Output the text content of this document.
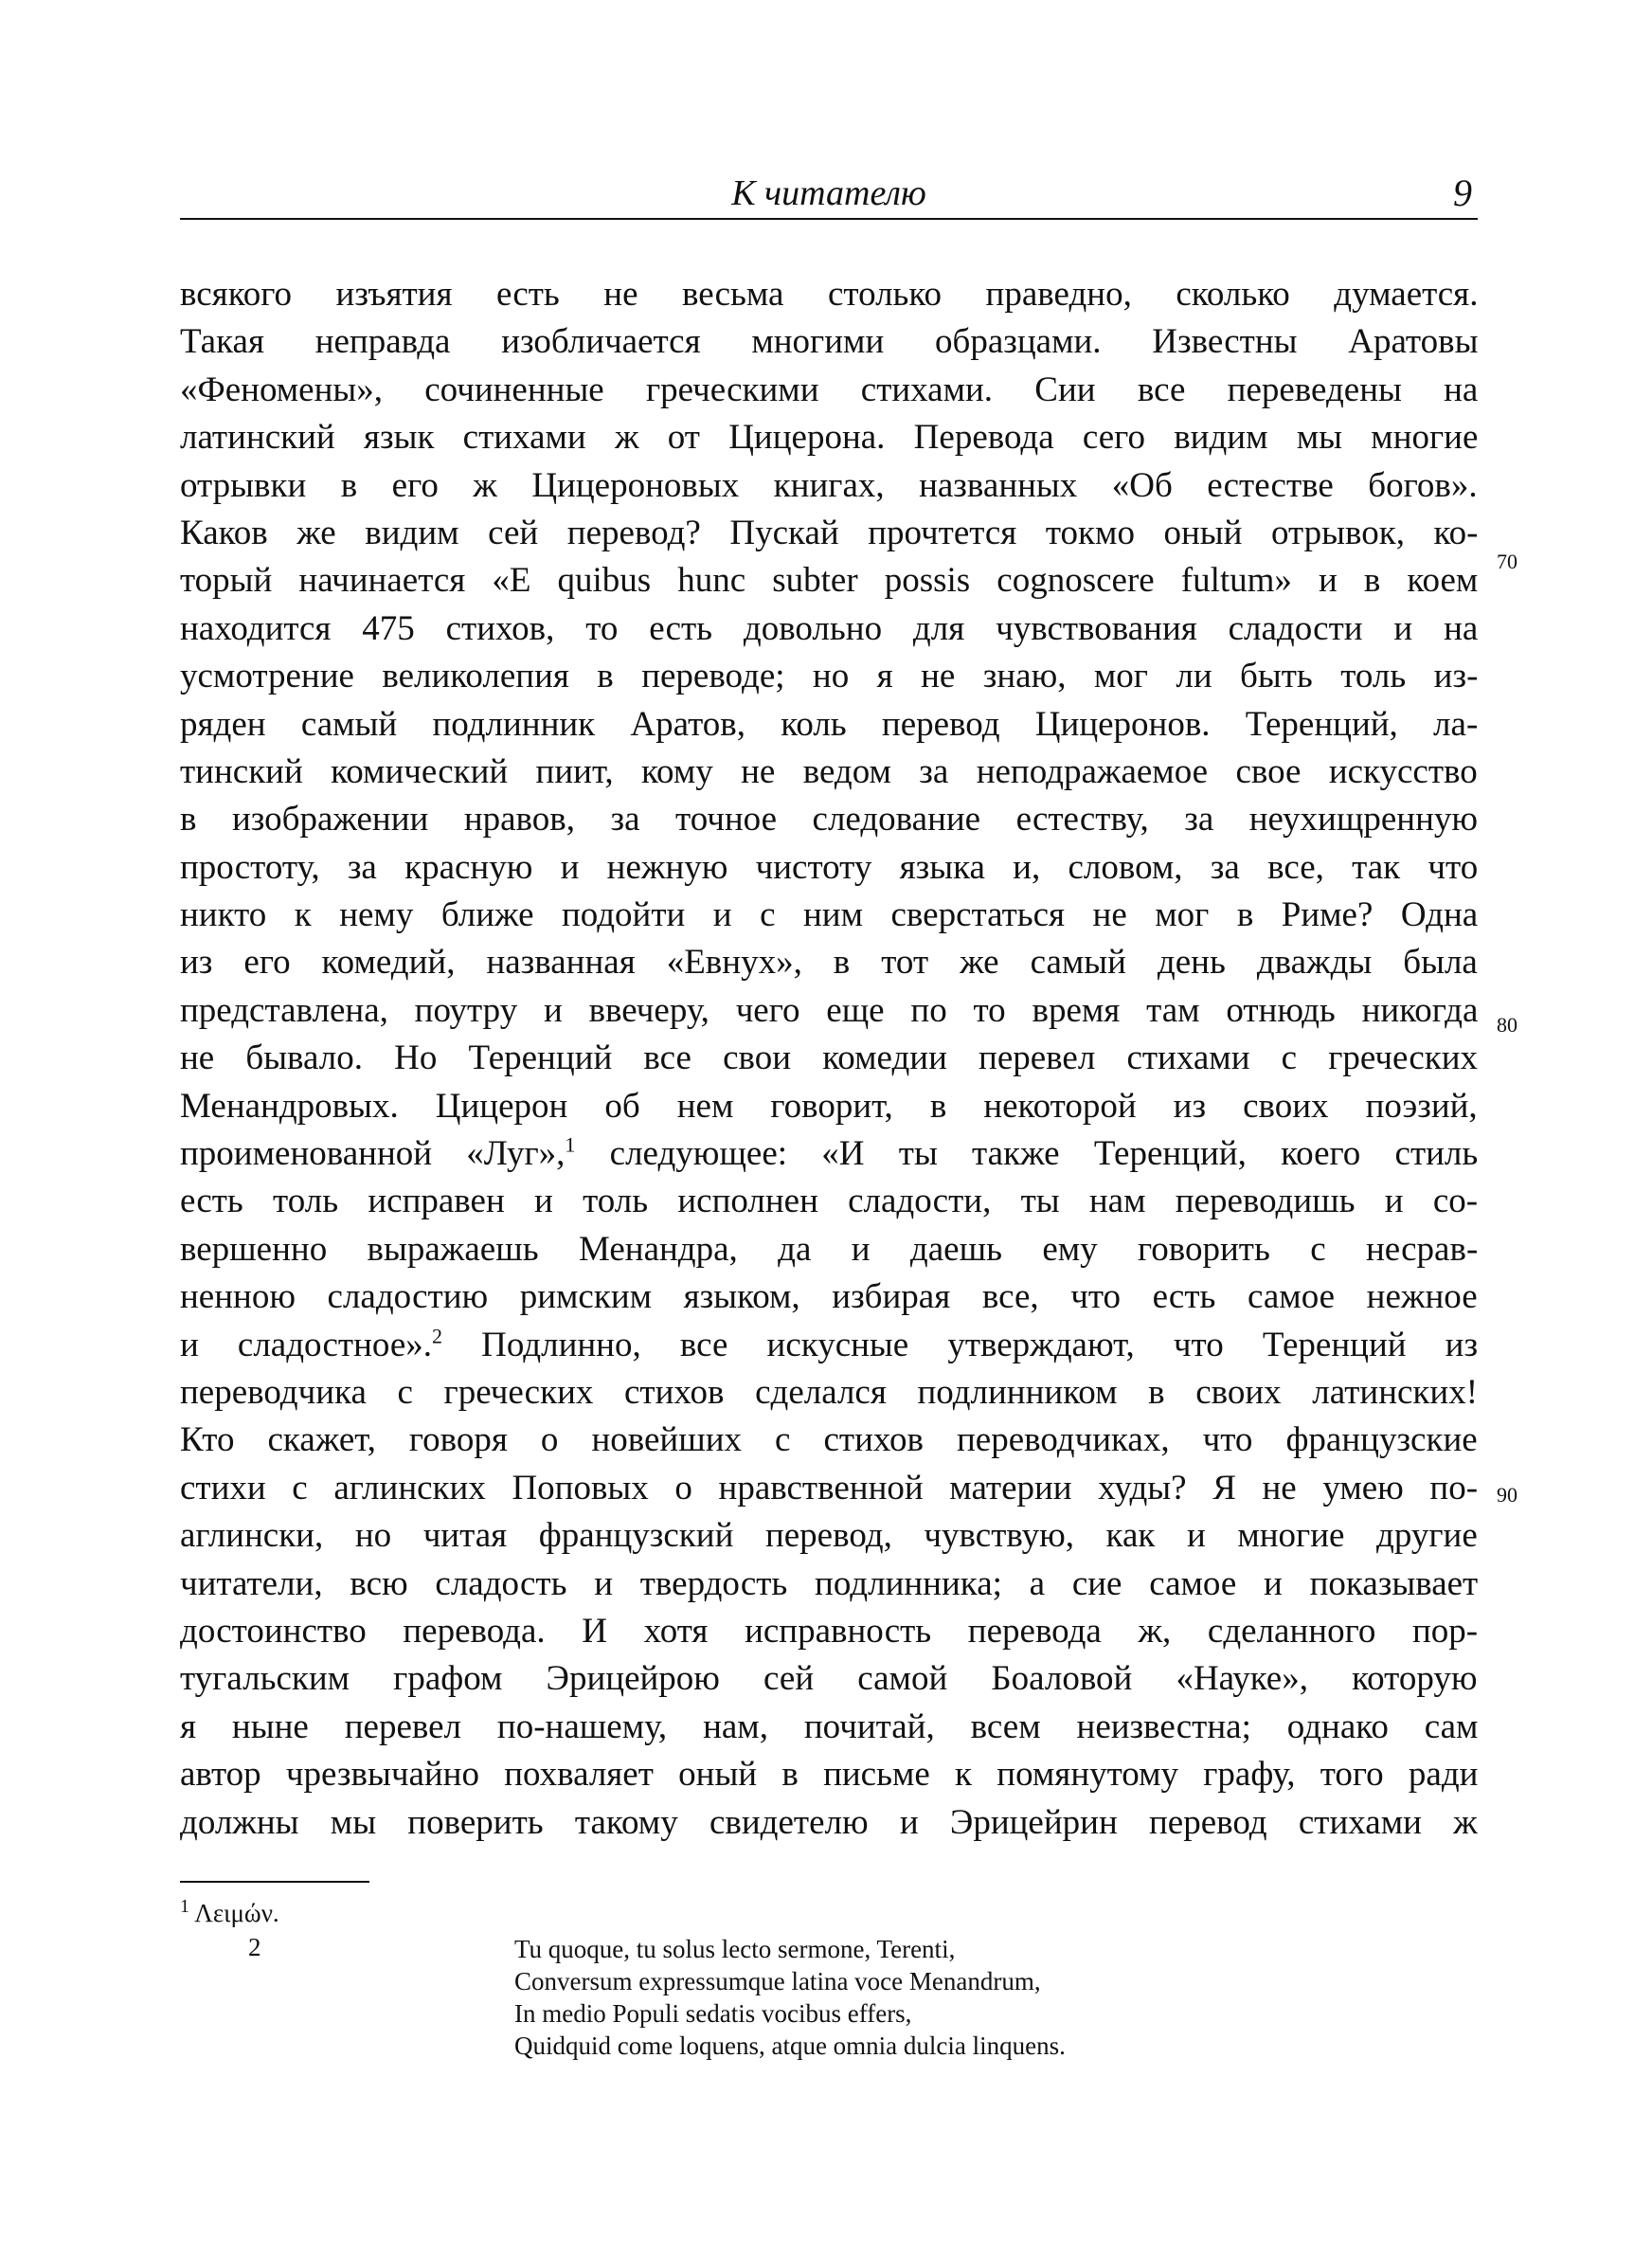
К читателю	9
всякого изъятия есть не весьма столько праведно, сколько думается.
Такая неправда изобличается многими образцами. Известны Аратовы
«Феномены», сочиненные греческими стихами. Сии все переведены на
латинский язык стихами ж от Цицерона. Перевода сего видим мы многие
отрывки в его ж Цицероновых книгах, названных «Об естестве богов».
Каков же видим сей перевод? Пускай прочтется токмо оный отрывок, ко-
торый начинается «E quibus hunc subter possis cognoscere fultum» и в коем
находится 475 стихов, то есть довольно для чувствования сладости и на
усмотрение великолепия в переводе; но я не знаю, мог ли быть толь из-
ряден самый подлинник Аратов, коль перевод Цицеронов. Теренций, ла-
тинский комический пиит, кому не ведом за неподражаемое свое искусство
в изображении нравов, за точное следование естеству, за неухищренную
простоту, за красную и нежную чистоту языка и, словом, за все, так что
никто к нему ближе подойти и с ним сверстаться не мог в Риме? Одна
из его комедий, названная «Евнух», в тот же самый день дважды была
представлена, поутру и ввечеру, чего еще по то время там отнюдь никогда
не бывало. Но Теренций все свои комедии перевел стихами с греческих
Менандровых. Цицерон об нем говорит, в некоторой из своих поэзий,
проименованной «Луг»,$^1$ следующее: «И ты также Теренций, коего стиль
есть толь исправен и толь исполнен сладости, ты нам переводишь и со-
вершенно выражаешь Менандра, да и даешь ему говорить с несрав-
ненною сладостию римским языком, избирая все, что есть самое нежное
и сладостное».$^2$ Подлинно, все искусные утверждают, что Теренций из
переводчика с греческих стихов сделался подлинником в своих латинских!
Кто скажет, говоря о новейших с стихов переводчиках, что французские
стихи с аглинских Поповых о нравственной материи худы? Я не умею по-
аглински, но читая французский перевод, чувствую, как и многие другие
читатели, всю сладость и твердость подлинника; а сие самое и показывает
достоинство перевода. И хотя исправность перевода ж, сделанного пор-
тугальским графом Эрицейрою сей самой Боаловой «Науке», которую
я ныне перевел по-нашему, нам, почитай, всем неизвестна; однако сам
автор чрезвычайно похваляет оный в письме к помянутому графу, того ради
должны мы поверить такому свидетелю и Эрицейрин перевод стихами ж
70
80
90
$^1$ Λειμών.
2	Tu quoque, tu solus lecto sermone, Terenti,
Conversum expressumque latina voce Menandrum,
In medio Populi sedatis vocibus effers,
Quidquid come loquens, atque omnia dulcia linquens.
